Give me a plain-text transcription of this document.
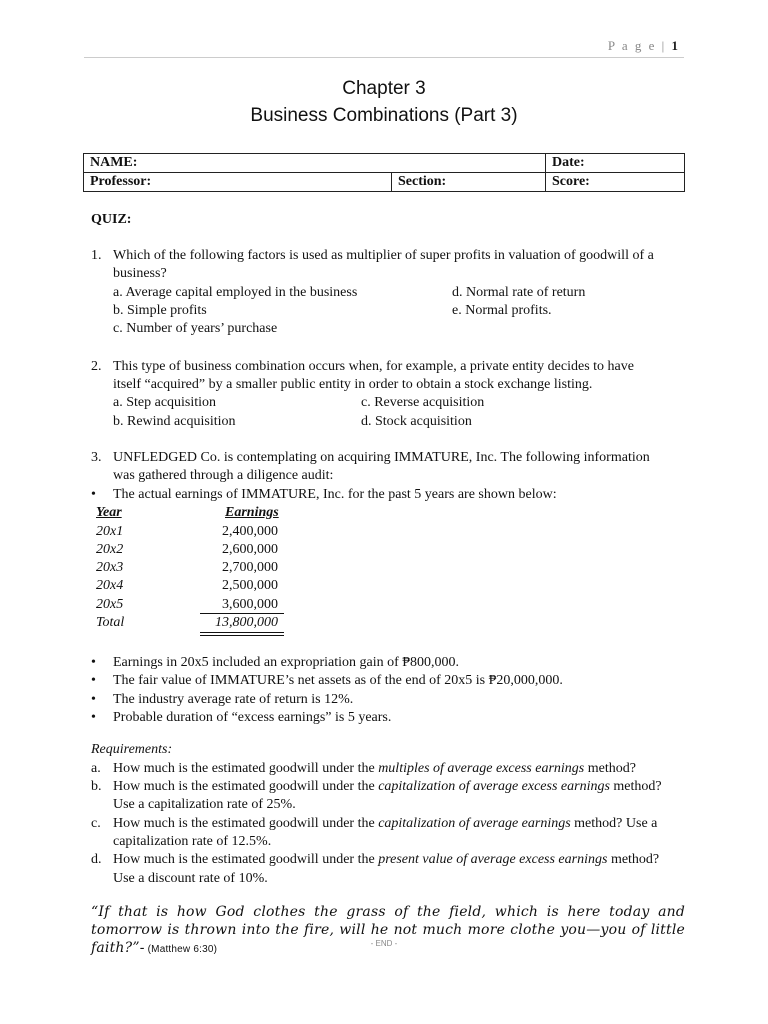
P a g e | 1
Chapter 3
Business Combinations (Part 3)
NAME:		Date:
Professor:	Section:	Score:
QUIZ:
1. Which of the following factors is used as multiplier of super profits in valuation of goodwill of a
business?
a. Average capital employed in the business
b. Simple profits
c. Number of years’ purchase
d. Normal rate of return
e. Normal profits.
2. This type of business combination occurs when, for example, a private entity decides to have
itself “acquired” by a smaller public entity in order to obtain a stock exchange listing.
a. Step acquisition
b. Rewind acquisition
c. Reverse acquisition
d. Stock acquisition
3. UNFLEDGED Co. is contemplating on acquiring IMMATURE, Inc. The following information
was gathered through a diligence audit:
• The actual earnings of IMMATURE, Inc. for the past 5 years are shown below:
Year	Earnings
20x1	2,400,000
20x2	2,600,000
20x3	2,700,000
20x4	2,500,000
20x5	3,600,000
Total	13,800,000
• Earnings in 20x5 included an expropriation gain of ₱800,000.
• The fair value of IMMATURE’s net assets as of the end of 20x5 is ₱20,000,000.
• The industry average rate of return is 12%.
• Probable duration of “excess earnings” is 5 years.
Requirements:
a. How much is the estimated goodwill under the multiples of average excess earnings method?
b. How much is the estimated goodwill under the capitalization of average excess earnings method?
Use a capitalization rate of 25%.
c. How much is the estimated goodwill under the capitalization of average earnings method? Use a
capitalization rate of 12.5%.
d. How much is the estimated goodwill under the present value of average excess earnings method?
Use a discount rate of 10%.
“If that is how God clothes the grass of the field, which is here today and tomorrow is thrown into the fire, will he not much more clothe you—you of little faith?”- (Matthew 6:30)
- END -
